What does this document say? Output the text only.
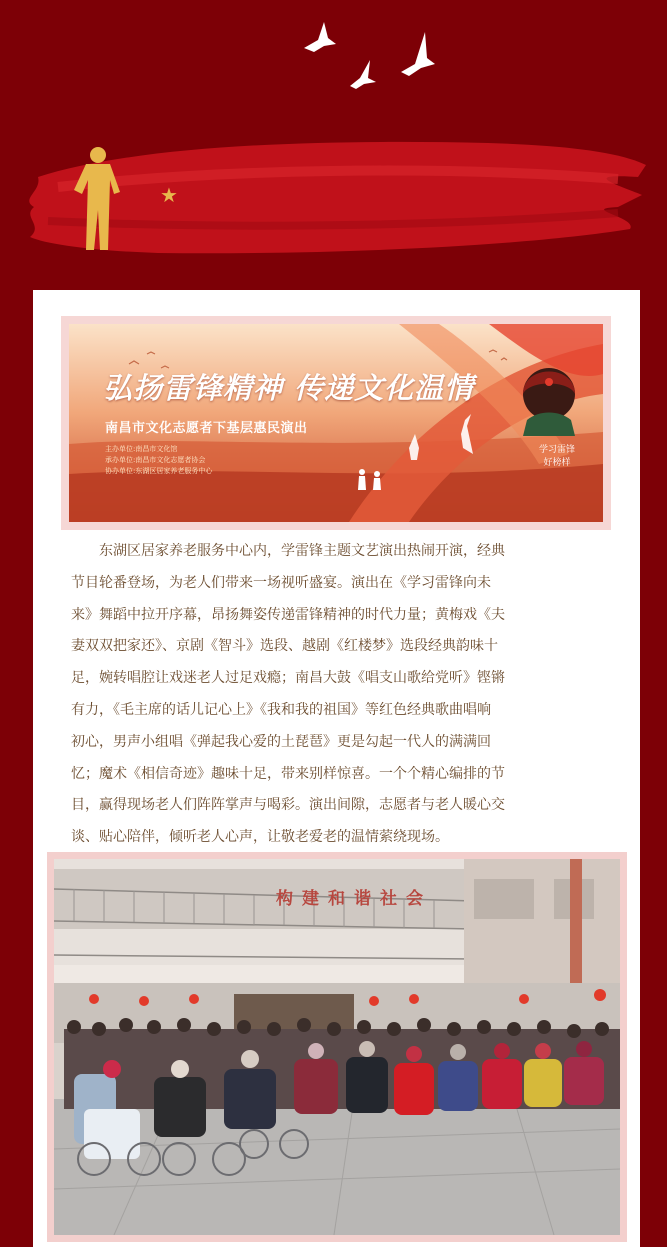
★
弘扬雷锋精神 传递文化温情
南昌市文化志愿者下基层惠民演出
主办单位:南昌市文化馆
承办单位:南昌市文化志愿者协会
协办单位:东湖区居家养老服务中心
学习雷锋
好榜样
　　东湖区居家养老服务中心内，学雷锋主题文艺演出热闹开演，经典
节目轮番登场，为老人们带来一场视听盛宴。演出在《学习雷锋向未
来》舞蹈中拉开序幕，昂扬舞姿传递雷锋精神的时代力量；黄梅戏《夫
妻双双把家还》、京剧《智斗》选段、越剧《红楼梦》选段经典韵味十
足，婉转唱腔让戏迷老人过足戏瘾；南昌大鼓《唱支山歌给党听》铿锵
有力，《毛主席的话儿记心上》《我和我的祖国》等红色经典歌曲唱响
初心，男声小组唱《弹起我心爱的土琵琶》更是勾起一代人的满满回
忆；魔术《相信奇迹》趣味十足，带来别样惊喜。一个个精心编排的节
目，赢得现场老人们阵阵掌声与喝彩。演出间隙，志愿者与老人暖心交
谈、贴心陪伴，倾听老人心声，让敬老爱老的温情萦绕现场。
构建和谐社会
